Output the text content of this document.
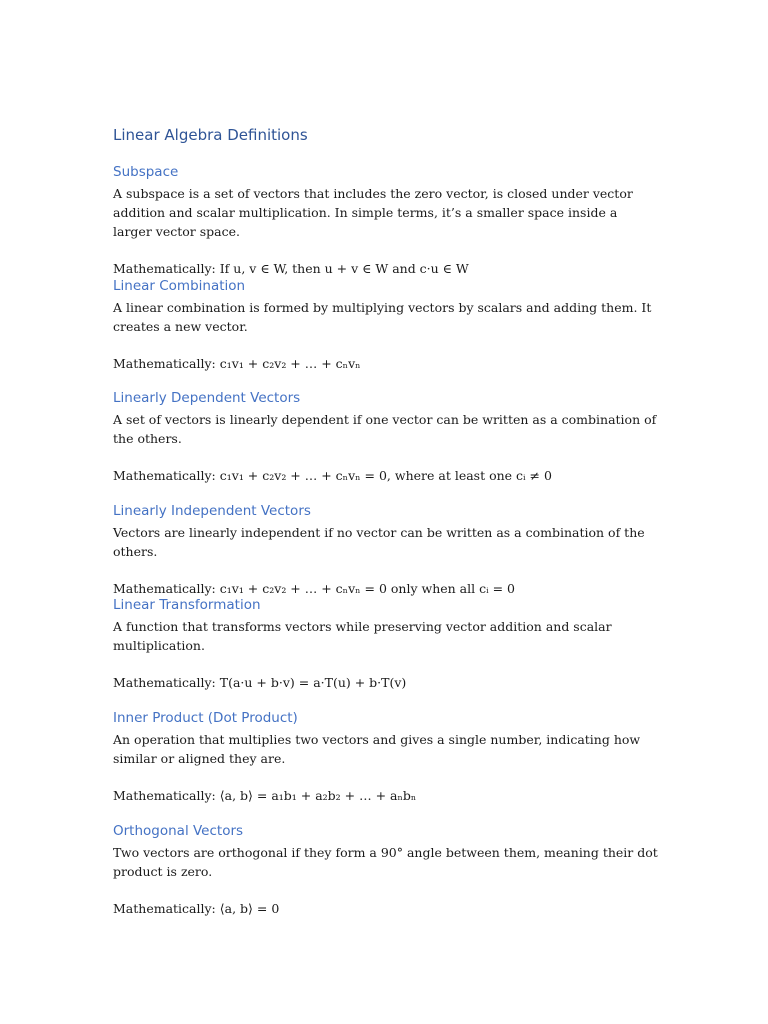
Linear Algebra Definitions
Subspace

A subspace is a set of vectors that includes the zero vector, is closed under vector addition and scalar multiplication. In simple terms, it’s a smaller space inside a larger vector space.

Mathematically: If u, v ∈ W, then u + v ∈ W and c·u ∈ W

Linear Combination

A linear combination is formed by multiplying vectors by scalars and adding them. It creates a new vector.

Mathematically: c₁v₁ + c₂v₂ + … + cₙvₙ

Linearly Dependent Vectors

A set of vectors is linearly dependent if one vector can be written as a combination of the others.

Mathematically: c₁v₁ + c₂v₂ + … + cₙvₙ = 0, where at least one cᵢ ≠ 0

Linearly Independent Vectors

Vectors are linearly independent if no vector can be written as a combination of the others.

Mathematically: c₁v₁ + c₂v₂ + … + cₙvₙ = 0 only when all cᵢ = 0

Linear Transformation

A function that transforms vectors while preserving vector addition and scalar multiplication.

Mathematically: T(a·u + b·v) = a·T(u) + b·T(v)

Inner Product (Dot Product)

An operation that multiplies two vectors and gives a single number, indicating how similar or aligned they are.

Mathematically: ⟨a, b⟩ = a₁b₁ + a₂b₂ + … + aₙbₙ

Orthogonal Vectors

Two vectors are orthogonal if they form a 90° angle between them, meaning their dot product is zero.

Mathematically: ⟨a, b⟩ = 0
